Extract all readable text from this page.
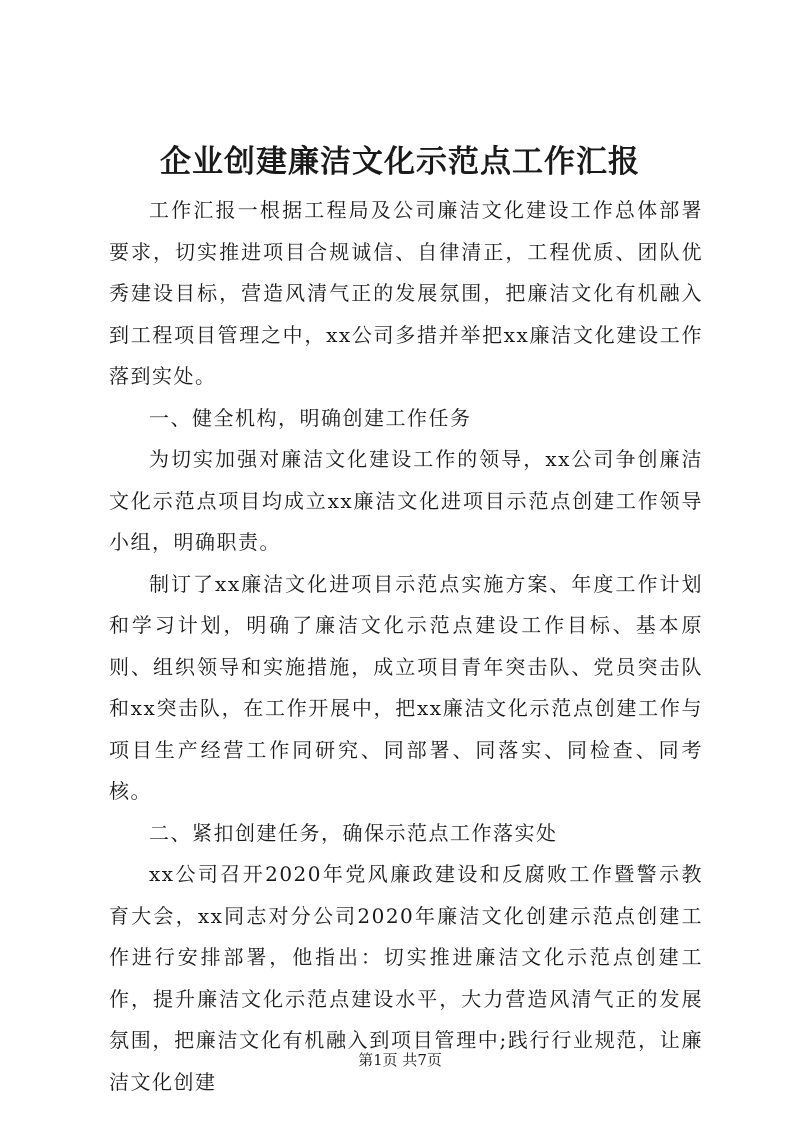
企业创建廉洁文化示范点工作汇报

工作汇报一根据工程局及公司廉洁文化建设工作总体部署要求，切实推进项目合规诚信、自律清正，工程优质、团队优秀建设目标，营造风清气正的发展氛围，把廉洁文化有机融入到工程项目管理之中，xx公司多措并举把xx廉洁文化建设工作落到实处。

一、健全机构，明确创建工作任务

为切实加强对廉洁文化建设工作的领导，xx公司争创廉洁文化示范点项目均成立xx廉洁文化进项目示范点创建工作领导小组，明确职责。

制订了xx廉洁文化进项目示范点实施方案、年度工作计划和学习计划，明确了廉洁文化示范点建设工作目标、基本原则、组织领导和实施措施，成立项目青年突击队、党员突击队和xx突击队，在工作开展中，把xx廉洁文化示范点创建工作与项目生产经营工作同研究、同部署、同落实、同检查、同考核。

二、紧扣创建任务，确保示范点工作落实处

xx公司召开2020年党风廉政建设和反腐败工作暨警示教育大会，xx同志对分公司2020年廉洁文化创建示范点创建工作进行安排部署，他指出：切实推进廉洁文化示范点创建工作，提升廉洁文化示范点建设水平，大力营造风清气正的发展氛围，把廉洁文化有机融入到项目管理中;践行行业规范，让廉洁文化创建

第1页 共7页
